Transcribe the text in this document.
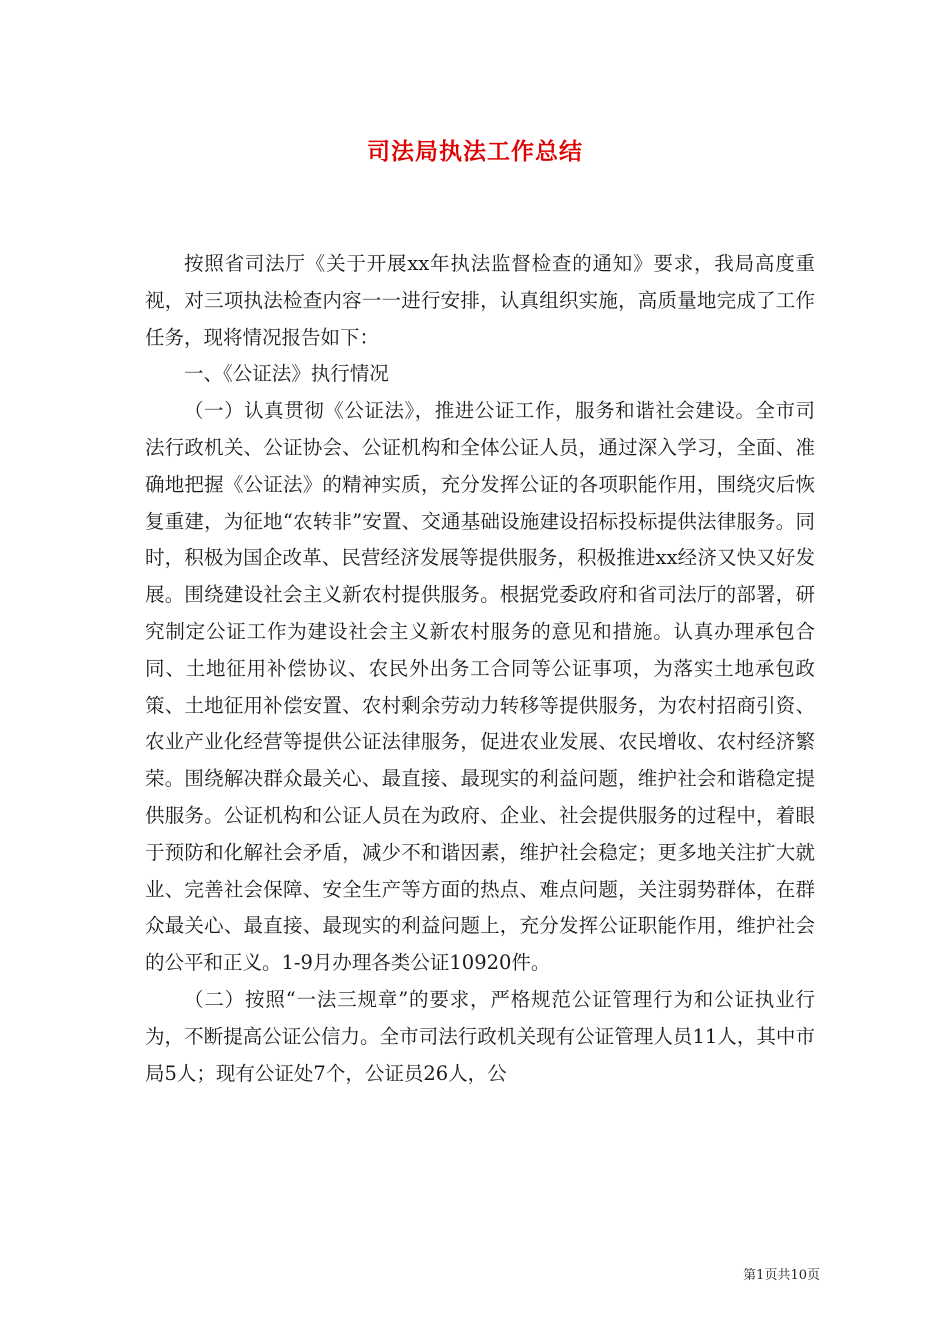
司法局执法工作总结

按照省司法厅《关于开展xx年执法监督检查的通知》要求，我局高度重视，对三项执法检查内容一一进行安排，认真组织实施，高质量地完成了工作任务，现将情况报告如下：

一、《公证法》执行情况

（一）认真贯彻《公证法》，推进公证工作，服务和谐社会建设。全市司法行政机关、公证协会、公证机构和全体公证人员，通过深入学习，全面、准确地把握《公证法》的精神实质，充分发挥公证的各项职能作用，围绕灾后恢复重建，为征地“农转非”安置、交通基础设施建设招标投标提供法律服务。同时，积极为国企改革、民营经济发展等提供服务，积极推进xx经济又快又好发展。围绕建设社会主义新农村提供服务。根据党委政府和省司法厅的部署，研究制定公证工作为建设社会主义新农村服务的意见和措施。认真办理承包合同、土地征用补偿协议、农民外出务工合同等公证事项，为落实土地承包政策、土地征用补偿安置、农村剩余劳动力转移等提供服务，为农村招商引资、农业产业化经营等提供公证法律服务，促进农业发展、农民增收、农村经济繁荣。围绕解决群众最关心、最直接、最现实的利益问题，维护社会和谐稳定提供服务。公证机构和公证人员在为政府、企业、社会提供服务的过程中，着眼于预防和化解社会矛盾，减少不和谐因素，维护社会稳定；更多地关注扩大就业、完善社会保障、安全生产等方面的热点、难点问题，关注弱势群体，在群众最关心、最直接、最现实的利益问题上，充分发挥公证职能作用，维护社会的公平和正义。1-9月办理各类公证10920件。

（二）按照“一法三规章”的要求，严格规范公证管理行为和公证执业行为，不断提高公证公信力。全市司法行政机关现有公证管理人员11人，其中市局5人；现有公证处7个，公证员26人，公

第1页共10页
